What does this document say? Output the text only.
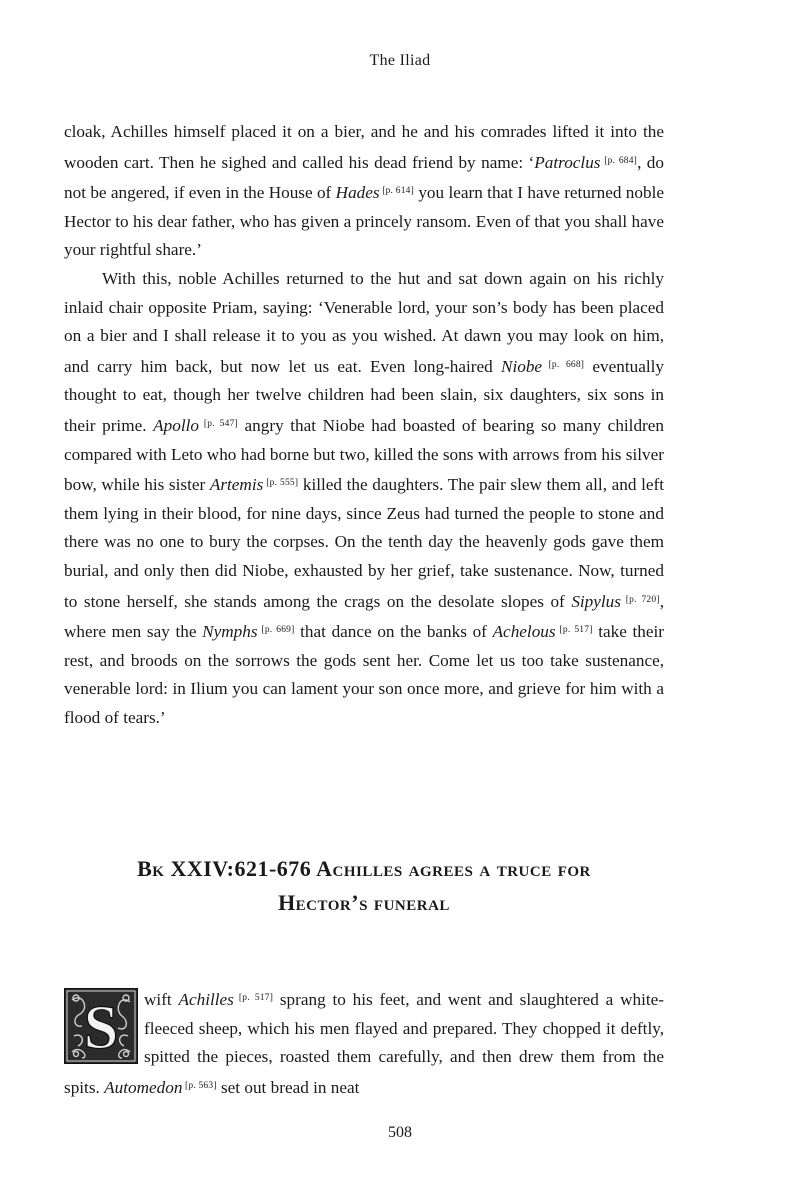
The Iliad

cloak, Achilles himself placed it on a bier, and he and his comrades lifted it into the wooden cart. Then he sighed and called his dead friend by name: ‘Patroclus [p. 684], do not be angered, if even in the House of Hades [p. 614] you learn that I have returned noble Hector to his dear father, who has given a princely ransom. Even of that you shall have your rightful share.’

With this, noble Achilles returned to the hut and sat down again on his richly inlaid chair opposite Priam, saying: ‘Venerable lord, your son’s body has been placed on a bier and I shall release it to you as you wished. At dawn you may look on him, and carry him back, but now let us eat. Even long-haired Niobe [p. 668] eventually thought to eat, though her twelve children had been slain, six daughters, six sons in their prime. Apollo [p. 547] angry that Niobe had boasted of bearing so many children compared with Leto who had borne but two, killed the sons with arrows from his silver bow, while his sister Artemis [p. 555] killed the daughters. The pair slew them all, and left them lying in their blood, for nine days, since Zeus had turned the people to stone and there was no one to bury the corpses. On the tenth day the heavenly gods gave them burial, and only then did Niobe, exhausted by her grief, take sustenance. Now, turned to stone herself, she stands among the crags on the desolate slopes of Sipylus [p. 720], where men say the Nymphs [p. 669] that dance on the banks of Achelous [p. 517] take their rest, and broods on the sorrows the gods sent her. Come let us too take sustenance, venerable lord: in Ilium you can lament your son once more, and grieve for him with a flood of tears.’

Bk XXIV:621-676 Achilles agrees a truce for
Hector’s funeral
S	wift Achilles [p. 517] sprang to his feet, and went and slaughtered a white-fleeced sheep, which his men flayed and prepared. They chopped it deftly, spitted the pieces, roasted them carefully, and then drew them from the spits. Automedon [p. 563] set out bread in neat

508
